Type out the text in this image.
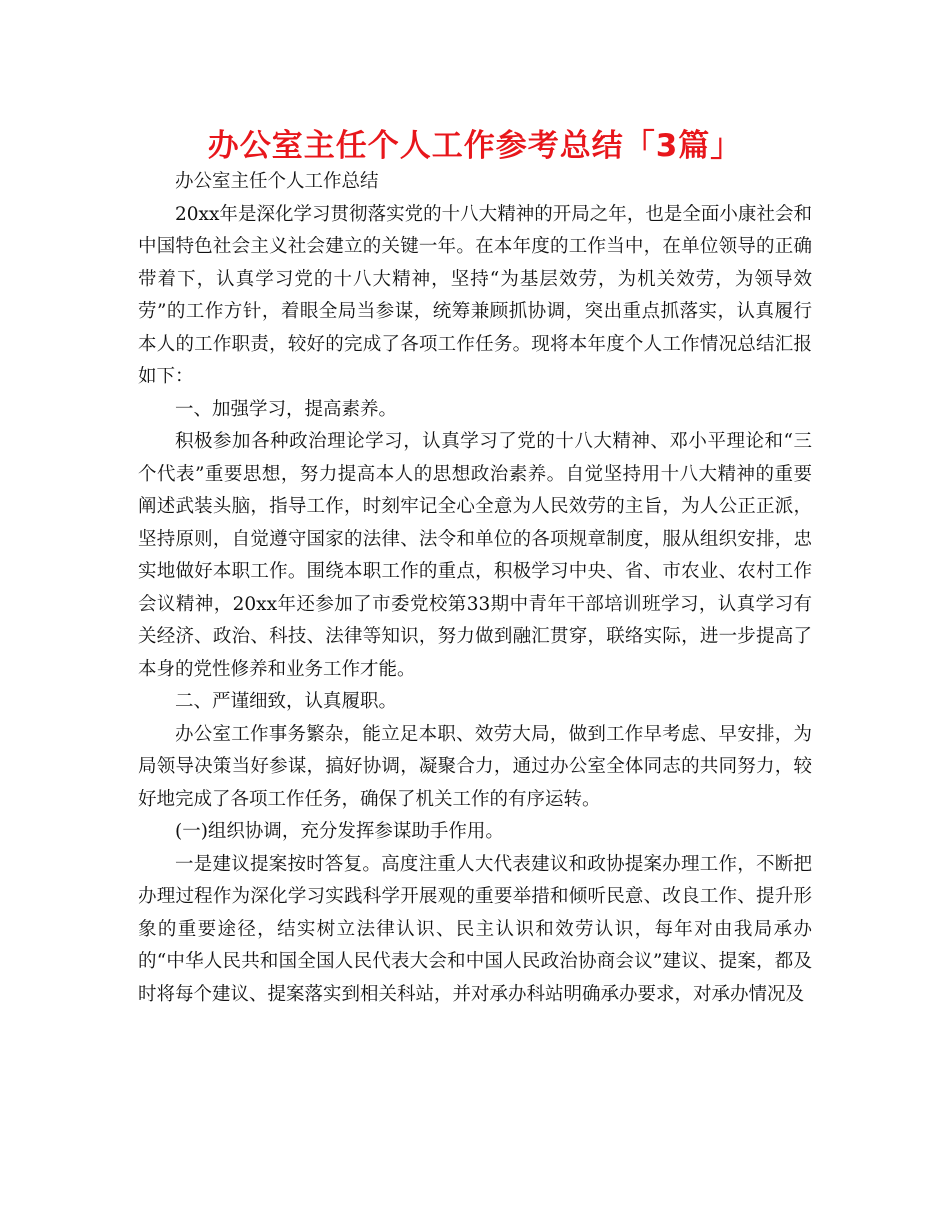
办公室主任个人工作参考总结「3篇」

办公室主任个人工作总结

20xx年是深化学习贯彻落实党的十八大精神的开局之年，也是全面小康社会和中国特色社会主义社会建立的关键一年。在本年度的工作当中，在单位领导的正确带着下，认真学习党的十八大精神，坚持“为基层效劳，为机关效劳，为领导效劳”的工作方针，着眼全局当参谋，统筹兼顾抓协调，突出重点抓落实，认真履行本人的工作职责，较好的完成了各项工作任务。现将本年度个人工作情况总结汇报如下：

一、加强学习，提高素养。

积极参加各种政治理论学习，认真学习了党的十八大精神、邓小平理论和“三个代表”重要思想，努力提高本人的思想政治素养。自觉坚持用十八大精神的重要阐述武装头脑，指导工作，时刻牢记全心全意为人民效劳的主旨，为人公正正派，坚持原则，自觉遵守国家的法律、法令和单位的各项规章制度，服从组织安排，忠实地做好本职工作。围绕本职工作的重点，积极学习中央、省、市农业、农村工作会议精神，20xx年还参加了市委党校第33期中青年干部培训班学习，认真学习有关经济、政治、科技、法律等知识，努力做到融汇贯穿，联络实际，进一步提高了本身的党性修养和业务工作才能。

二、严谨细致，认真履职。

办公室工作事务繁杂，能立足本职、效劳大局，做到工作早考虑、早安排，为局领导决策当好参谋，搞好协调，凝聚合力，通过办公室全体同志的共同努力，较好地完成了各项工作任务，确保了机关工作的有序运转。

(一)组织协调，充分发挥参谋助手作用。

一是建议提案按时答复。高度注重人大代表建议和政协提案办理工作，不断把办理过程作为深化学习实践科学开展观的重要举措和倾听民意、改良工作、提升形象的重要途径，结实树立法律认识、民主认识和效劳认识，每年对由我局承办的“中华人民共和国全国人民代表大会和中国人民政治协商会议”建议、提案，都及时将每个建议、提案落实到相关科站，并对承办科站明确承办要求，对承办情况及
